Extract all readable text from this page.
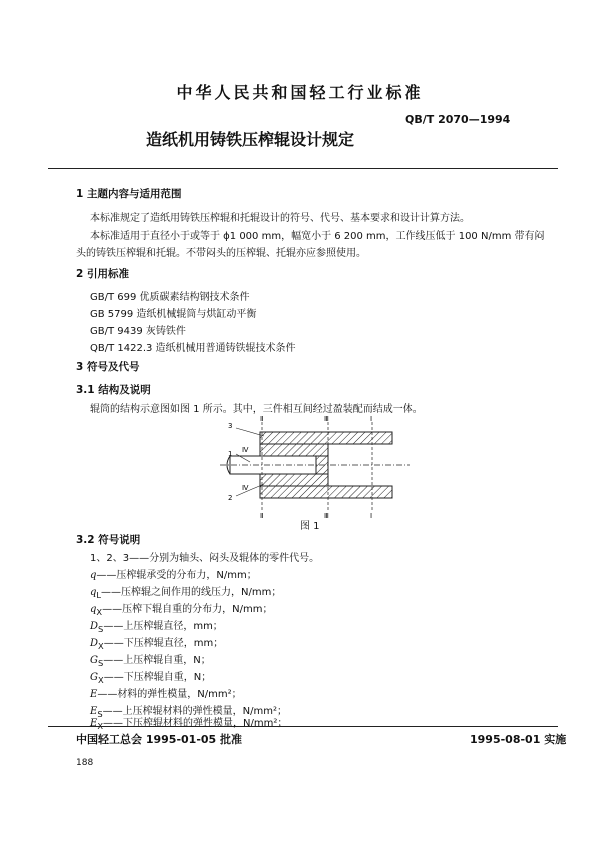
中华人民共和国轻工行业标准
QB/T 2070—1994
造纸机用铸铁压榨辊设计规定
1 主题内容与适用范围
本标准规定了造纸用铸铁压榨辊和托辊设计的符号、代号、基本要求和设计计算方法。
本标准适用于直径小于或等于 ϕ1 000 mm，幅宽小于 6 200 mm，工作线压低于 100 N/mm 带有闷
头的铸铁压榨辊和托辊。不带闷头的压榨辊、托辊亦应参照使用。
2 引用标准
GB/T 699 优质碳素结构钢技术条件
GB 5799 造纸机械辊筒与烘缸动平衡
GB/T 9439 灰铸铁件
QB/T 1422.3 造纸机械用普通铸铁辊技术条件
3 符号及代号
3.1 结构及说明
辊筒的结构示意图如图 1 所示。其中，三件相互间经过盈装配而结成一体。
Ⅱ	Ⅲ	Ⅰ
Ⅱ	Ⅲ	Ⅰ
Ⅳ
Ⅳ
3
1
2
图 1
3.2 符号说明
1、2、3——分别为轴头、闷头及辊体的零件代号。
q——压榨辊承受的分布力，N/mm；
$q_L——$压榨辊之间作用的线压力，N/mm；
$q_X——$压榨下辊自重的分布力，N/mm；
$D_S——$上压榨辊直径，mm；
$D_X——$下压榨辊直径，mm；
$G_S——$上压榨辊自重，N；
$G_X——$下压榨辊自重，N；
E——材料的弹性模量，N/mm²；
$E_S——$上压榨辊材料的弹性模量，N/mm²；
$E_X——$下压榨辊材料的弹性模量，N/mm²；
中国轻工总会 1995-01-05 批准	1995-08-01 实施
188
